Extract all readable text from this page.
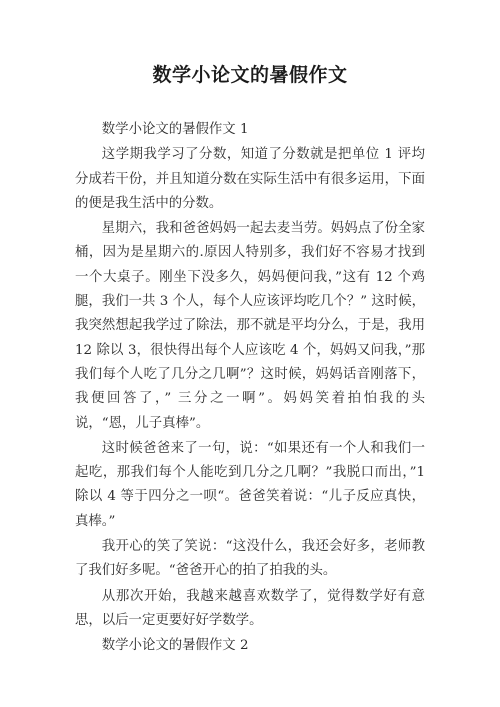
数学小论文的暑假作文

数学小论文的暑假作文 1

这学期我学习了分数，知道了分数就是把单位 1 评均分成若干份，并且知道分数在实际生活中有很多运用，下面的便是我生活中的分数。

星期六，我和爸爸妈妈一起去麦当劳。妈妈点了份全家桶，因为是星期六的.原因人特别多，我们好不容易才找到一个大桌子。刚坐下没多久，妈妈便问我，”这有 12 个鸡腿，我们一共 3 个人，每个人应该评均吃几个？” 这时候，我突然想起我学过了除法，那不就是平均分么，于是，我用 12 除以 3，很快得出每个人应该吃 4 个，妈妈又问我，”那我们每个人吃了几分之几啊”？这时候，妈妈话音刚落下，我便回答了，” 三分之一啊”。妈妈笑着拍怕我的头说，“恩，儿子真棒”。

这时候爸爸来了一句，说：“如果还有一个人和我们一起吃，那我们每个人能吃到几分之几啊？”我脱口而出，”1 除以 4 等于四分之一呗“。爸爸笑着说：“儿子反应真快，真棒。”

我开心的笑了笑说：“这没什么，我还会好多，老师教了我们好多呢。“爸爸开心的拍了拍我的头。

从那次开始，我越来越喜欢数学了，觉得数学好有意思，以后一定更要好好学数学。

数学小论文的暑假作文 2
